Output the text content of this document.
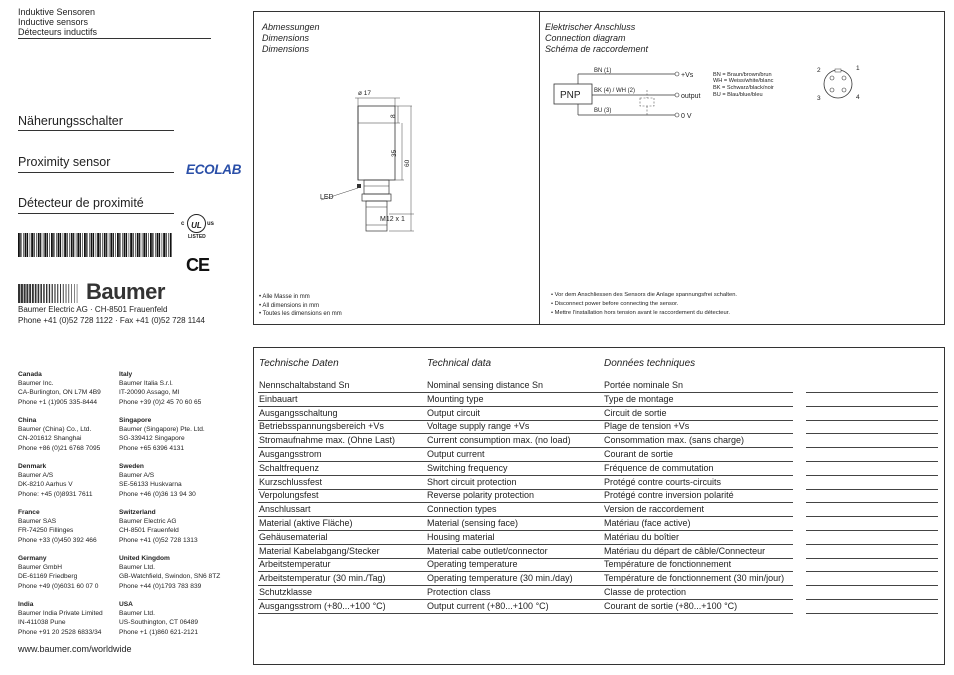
Induktive Sensoren
Inductive sensors
Détecteurs inductifs
Näherungsschalter
Proximity sensor
Détecteur de proximité
ECOLAB
c UL us
LISTED
CE
Baumer
Baumer Electric AG · CH-8501 Frauenfeld
Phone +41 (0)52 728 1122 · Fax +41 (0)52 728 1144
Canada
Baumer Inc.
CA-Burlington, ON L7M 4B9
Phone +1 (1)905 335-8444
China
Baumer (China) Co., Ltd.
CN-201612 Shanghai
Phone +86 (0)21 6768 7095
Denmark
Baumer A/S
DK-8210 Aarhus V
Phone: +45 (0)8931 7611
France
Baumer SAS
FR-74250 Fillinges
Phone +33 (0)450 392 466
Germany
Baumer GmbH
DE-61169 Friedberg
Phone +49 (0)6031 60 07 0
India
Baumer India Private Limited
IN-411038 Pune
Phone +91 20 2528 6833/34
Italy
Baumer Italia S.r.l.
IT-20090 Assago, MI
Phone +39 (0)2 45 70 60 65
Singapore
Baumer (Singapore) Pte. Ltd.
SG-339412 Singapore
Phone +65 6396 4131
Sweden
Baumer A/S
SE-56133 Huskvarna
Phone +46 (0)36 13 94 30
Switzerland
Baumer Electric AG
CH-8501 Frauenfeld
Phone +41 (0)52 728 1313
United Kingdom
Baumer Ltd.
GB-Watchfield, Swindon, SN6 8TZ
Phone +44 (0)1793 783 839
USA
Baumer Ltd.
US-Southington, CT 06489
Phone +1 (1)860 621-2121
www.baumer.com/worldwide
Abmessungen
Dimensions
Dimensions
ø 17
LED
M12 x 1
8
35
60
• Alle Masse in mm
• All dimensions in mm
• Toutes les dimensions en mm
Elektrischer Anschluss
Connection diagram
Schéma de raccordement
PNP
BN (1)
BK (4) / WH (2)
BU (3)
+Vs
output
0 V
BN = Braun/brown/brun
WH = Weiss/white/blanc
BK = Schwarz/black/noir
BU = Blau/blue/bleu
1
2
3	4
• Vor dem Anschliessen des Sensors die Anlage spannungsfrei schalten.
• Disconnect power before connecting the sensor.
• Mettre l’installation hors tension avant le raccordement du détecteur.
Technische Daten	Technical data	Données techniques
Nennschaltabstand Sn	Nominal sensing distance Sn	Portée nominale Sn
Einbauart	Mounting type	Type de montage
Ausgangsschaltung	Output circuit	Circuit de sortie
Betriebsspannungsbereich +Vs	Voltage supply range +Vs	Plage de tension +Vs
Stromaufnahme max. (Ohne Last)	Current consumption max. (no load)	Consommation max. (sans charge)
Ausgangsstrom	Output current	Courant de sortie
Schaltfrequenz	Switching frequency	Fréquence de commutation
Kurzschlussfest	Short circuit protection	Protégé contre courts-circuits
Verpolungsfest	Reverse polarity protection	Protégé contre inversion polarité
Anschlussart	Connection types	Version de raccordement
Material (aktive Fläche)	Material (sensing face)	Matériau (face active)
Gehäusematerial	Housing material	Matériau du boîtier
Material Kabelabgang/Stecker	Material cabe outlet/connector	Matériau du départ de câble/Connecteur
Arbeitstemperatur	Operating temperature	Température de fonctionnement
Arbeitstemperatur (30 min./Tag)	Operating temperature (30 min./day)	Température de fonctionnement (30 min/jour)
Schutzklasse	Protection class	Classe de protection
Ausgangsstrom (+80...+100 °C)	Output current (+80...+100 °C)	Courant de sortie (+80...+100 °C)
